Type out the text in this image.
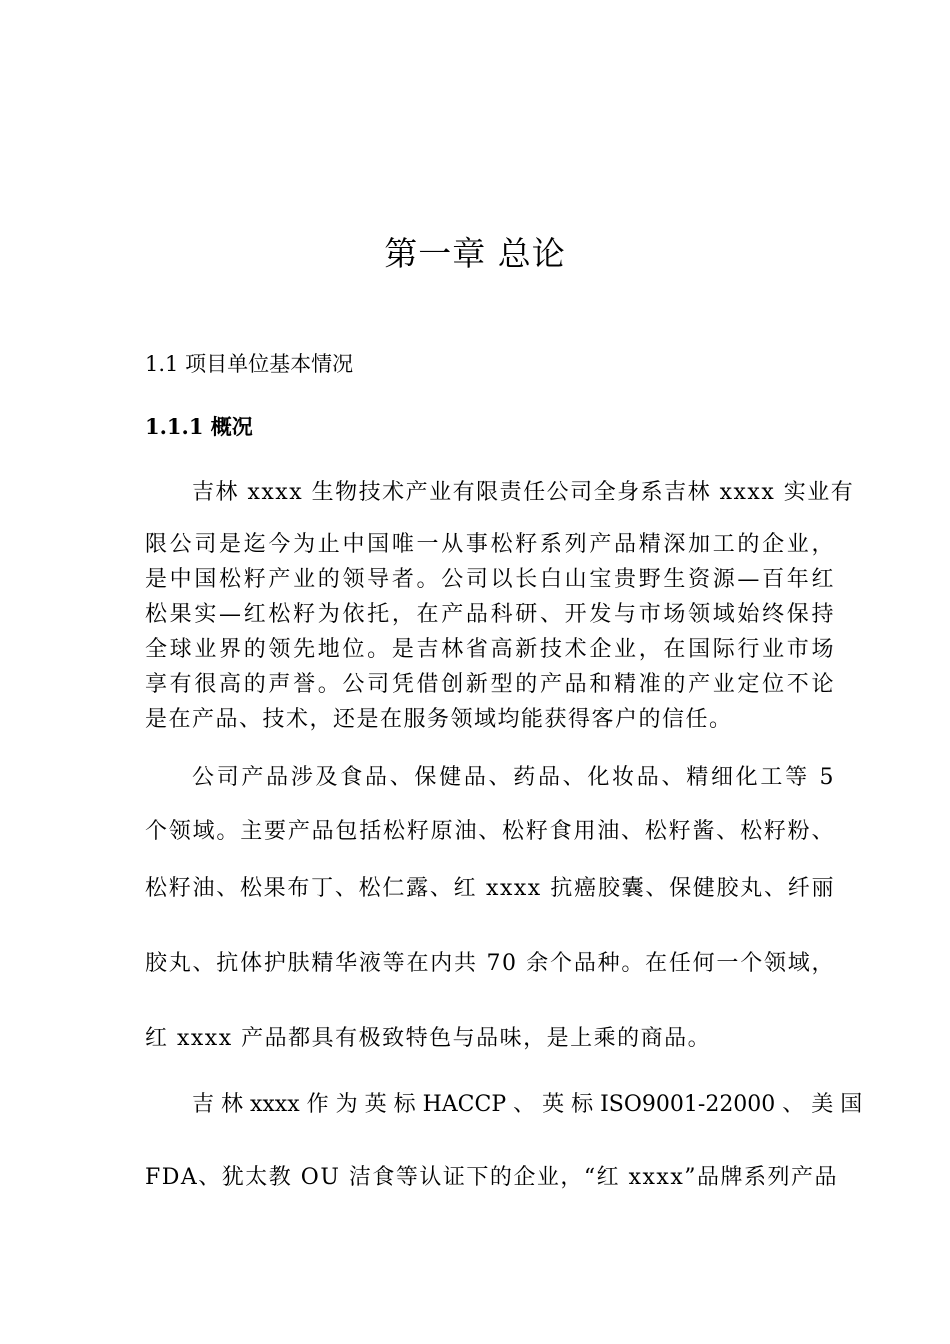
第一章 总论
1.1 项目单位基本情况
1.1.1 概况
吉林 xxxx 生物技术产业有限责任公司全身系吉林 xxxx 实业有
限公司是迄今为止中国唯一从事松籽系列产品精深加工的企业，
是中国松籽产业的领导者。公司以长白山宝贵野生资源—百年红
松果实—红松籽为依托，在产品科研、开发与市场领域始终保持
全球业界的领先地位。是吉林省高新技术企业，在国际行业市场
享有很高的声誉。公司凭借创新型的产品和精准的产业定位不论
是在产品、技术，还是在服务领域均能获得客户的信任。
公司产品涉及食品、保健品、药品、化妆品、精细化工等 5
个领域。主要产品包括松籽原油、松籽食用油、松籽酱、松籽粉、
松籽油、松果布丁、松仁露、红 xxxx 抗癌胶囊、保健胶丸、纤丽
胶丸、抗体护肤精华液等在内共 70 余个品种。在任何一个领域，
红 xxxx 产品都具有极致特色与品味，是上乘的商品。
吉 林 xxxx 作 为 英 标 HACCP 、 英 标 ISO9001-22000 、 美 国
FDA、犹太教 OU 洁食等认证下的企业，“红 xxxx”品牌系列产品
